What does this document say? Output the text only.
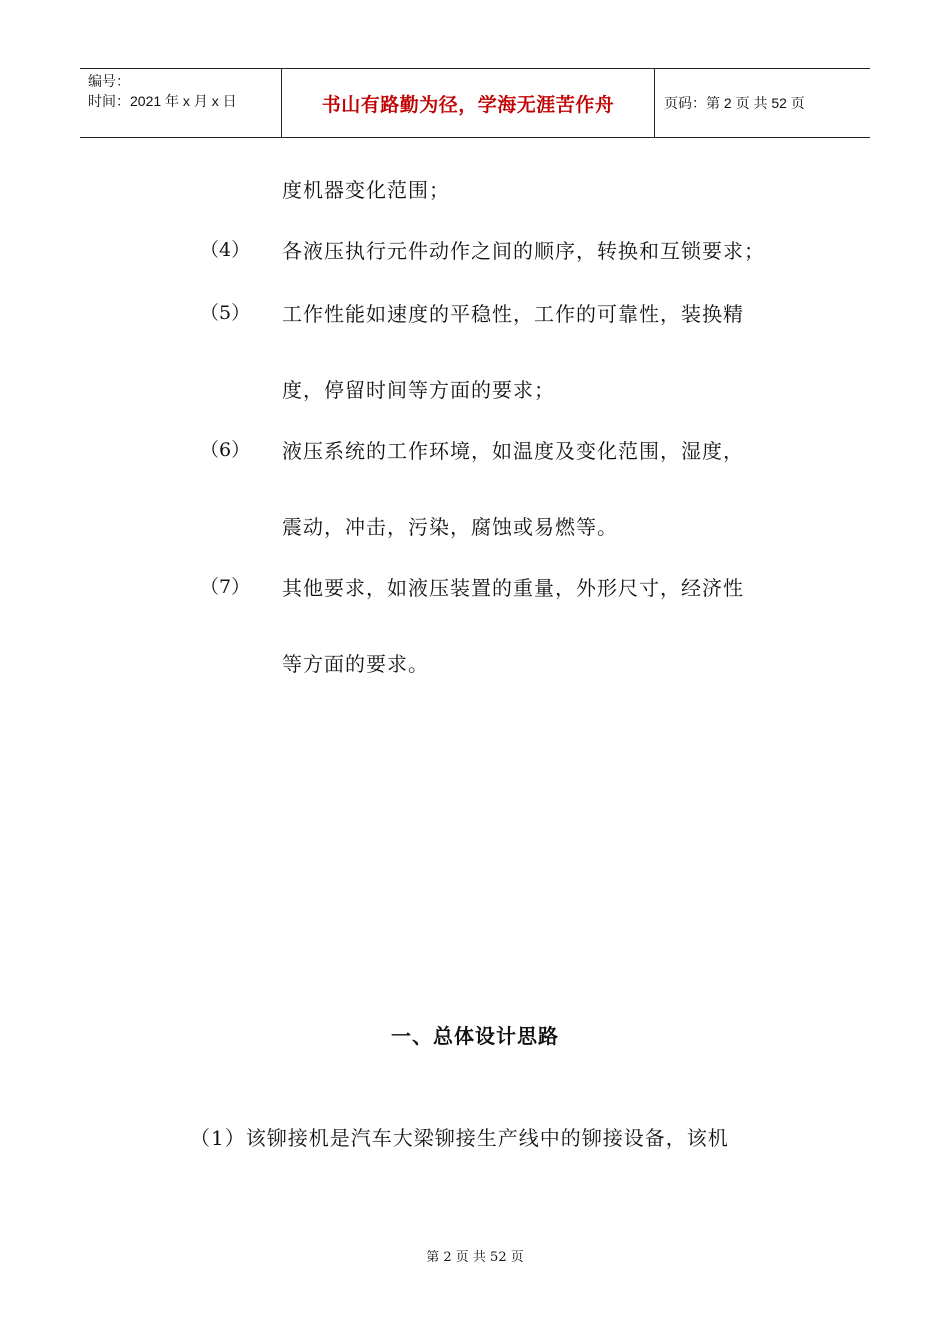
编号：
时间：2021 年 x 月 x 日	书山有路勤为径，学海无涯苦作舟	页码：第 2 页 共 52 页
度机器变化范围；
（4） 各液压执行元件动作之间的顺序，转换和互锁要求；
（5） 工作性能如速度的平稳性，工作的可靠性，装换精
度，停留时间等方面的要求；
（6） 液压系统的工作环境，如温度及变化范围，湿度，
震动，冲击，污染，腐蚀或易燃等。
（7） 其他要求，如液压装置的重量，外形尺寸，经济性
等方面的要求。
一、总体设计思路
（1）该铆接机是汽车大梁铆接生产线中的铆接设备，该机
第 2 页 共 52 页
